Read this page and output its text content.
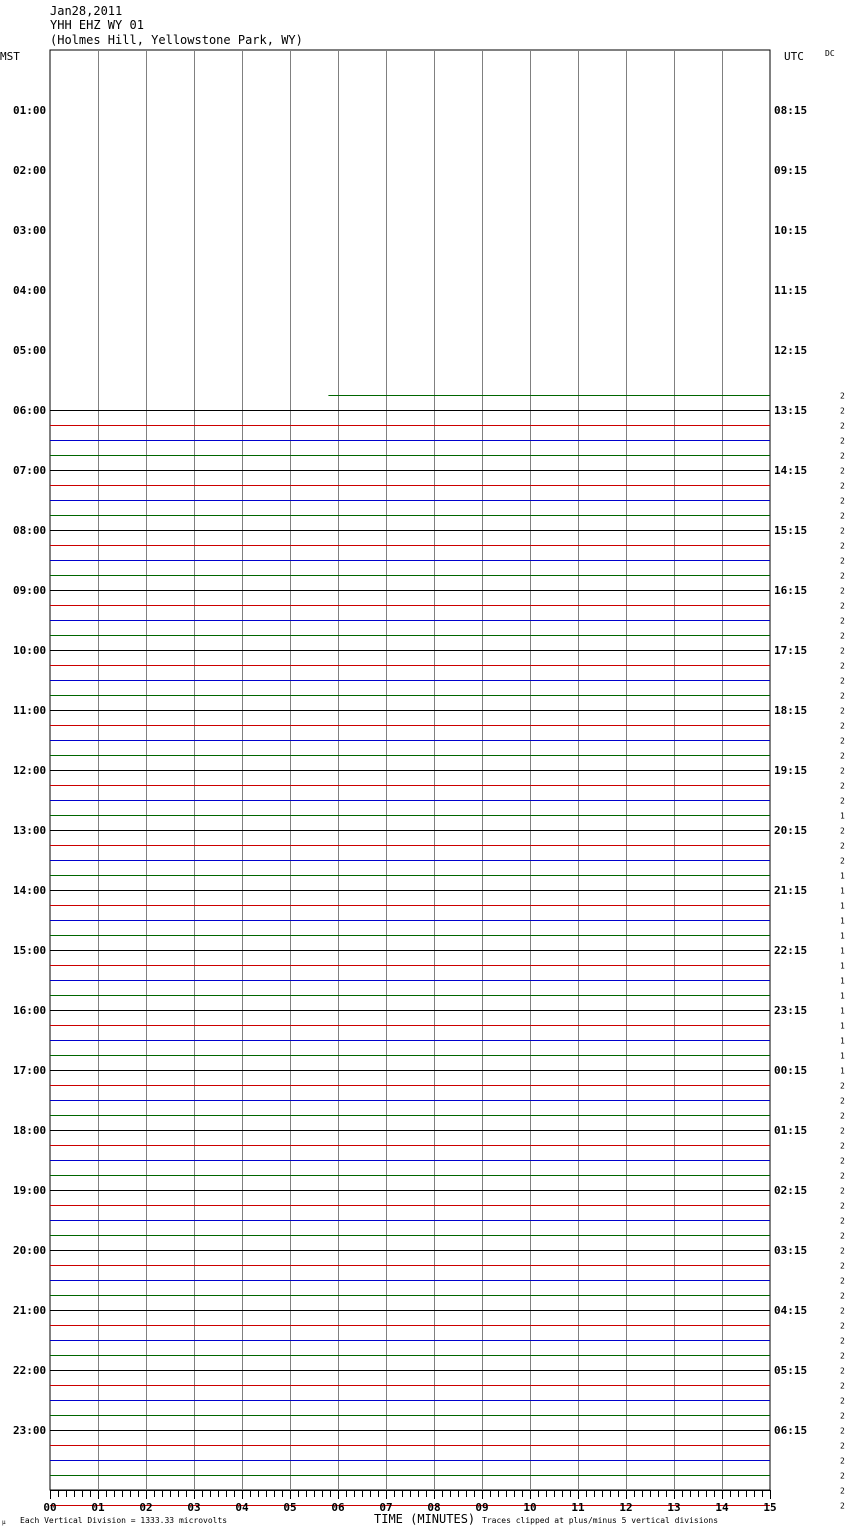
Jan28,2011
YHH EHZ WY 01
(Holmes Hill, Yellowstone Park, WY)
MST	UTC	DC
2
2
2
2
2
2
2
2
2
2
2
2
2
2
2
2
2
2
2
2
2
2
2
2
2
2
2
2
1
2
2
2
1
1
1
1
1
1
1
1
1
1
1
1
1
1
2
2
2
2
2
2
2
2
2
2
2
2
2
2
2
2
2
2
2
2
2
2
2
2
2
2
2
2
2
01:00
02:00
03:00
04:00
05:00
06:00
07:00
08:00
09:00
10:00
11:00
12:00
13:00
14:00
15:00
16:00
17:00
18:00
19:00
20:00
21:00
22:00
23:00
08:15
09:15
10:15
11:15
12:15
13:15
14:15
15:15
16:15
17:15
18:15
19:15
20:15
21:15
22:15
23:15
00:15
01:15
02:15
03:15
04:15
05:15
06:15
00	01	02	03	04	05	06	07	08	09	10	11	12	13	14	15
μ Each Vertical Division = 1333.33 microvolts	TIME (MINUTES) Traces clipped at plus/minus 5 vertical divisions
